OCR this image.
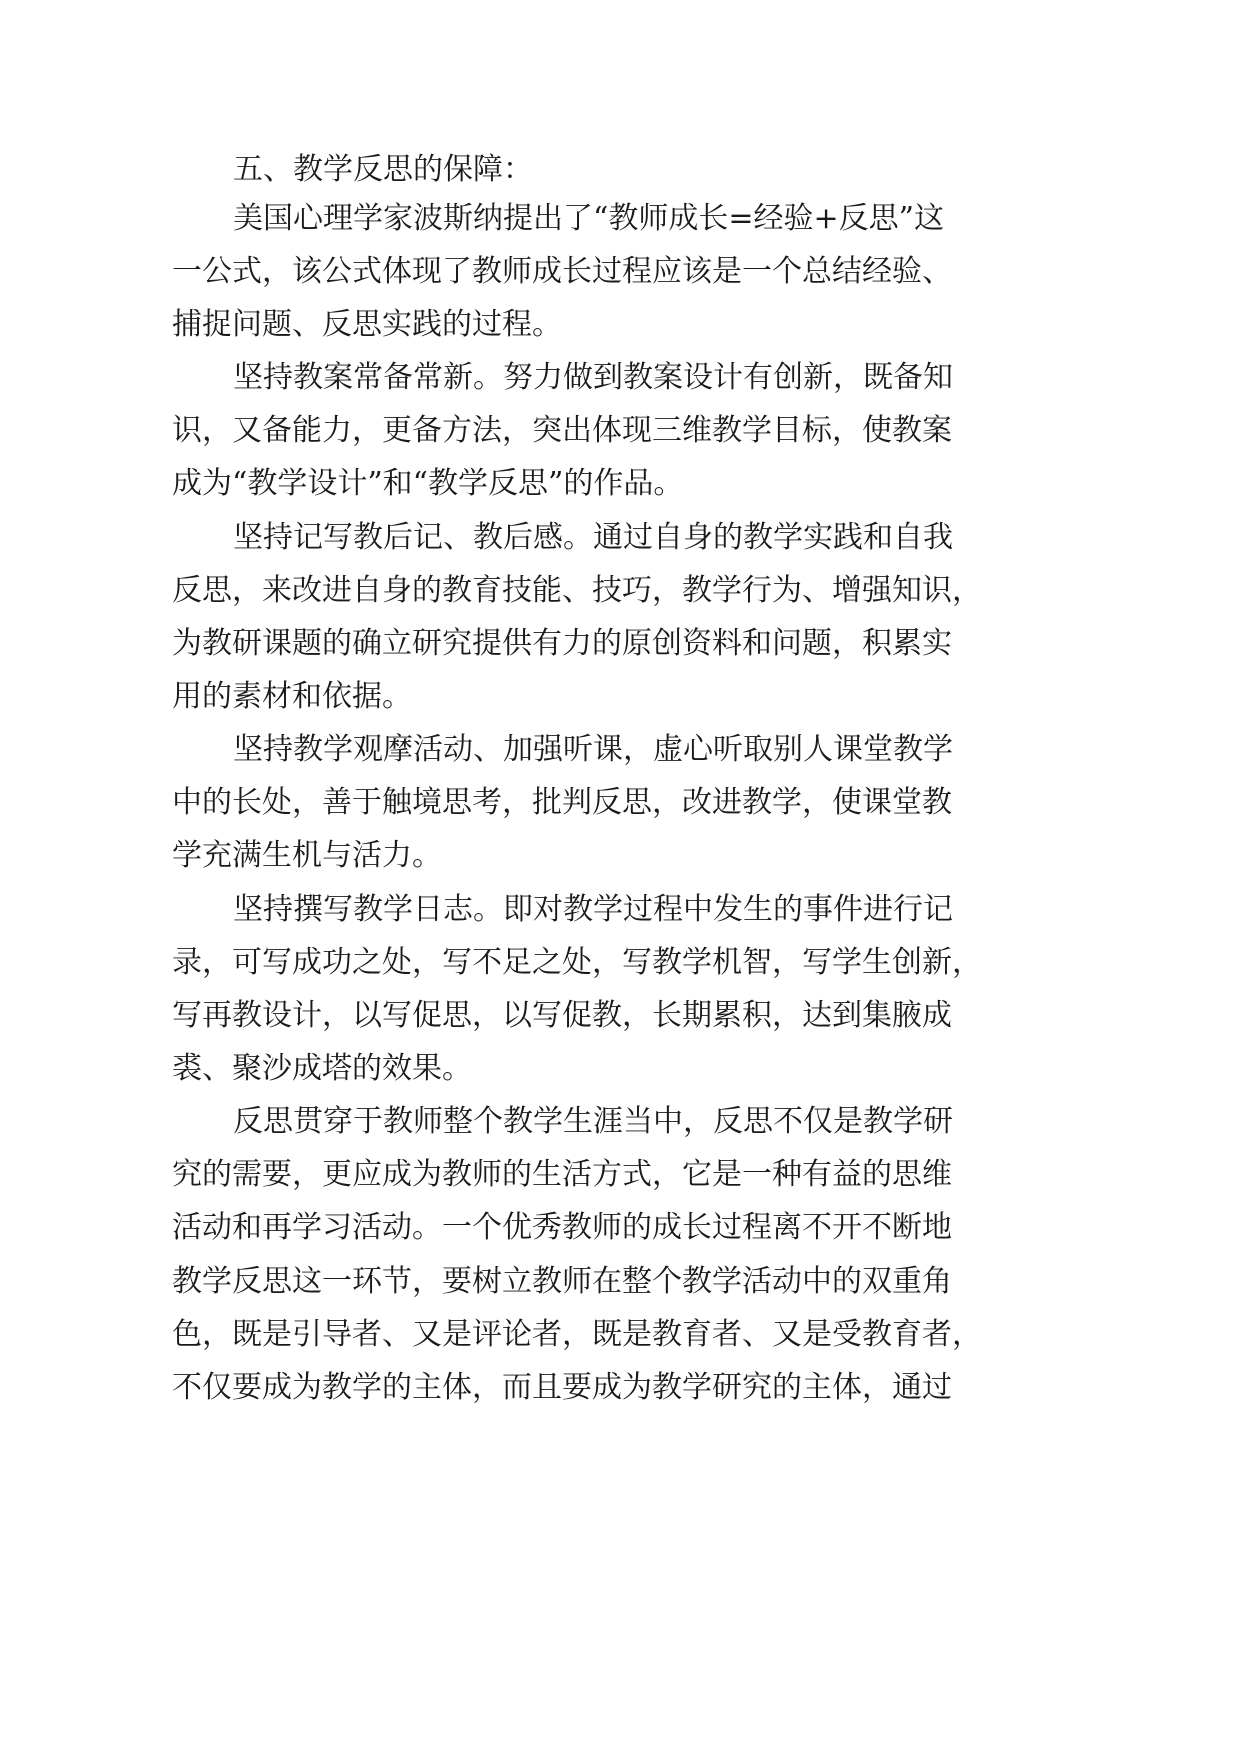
五、教学反思的保障：

美国心理学家波斯纳提出了“教师成长=经验+反思”这

一公式，该公式体现了教师成长过程应该是一个总结经验、

捕捉问题、反思实践的过程。

坚持教案常备常新。努力做到教案设计有创新，既备知

识，又备能力，更备方法，突出体现三维教学目标，使教案

成为“教学设计”和“教学反思”的作品。

坚持记写教后记、教后感。通过自身的教学实践和自我

反思，来改进自身的教育技能、技巧，教学行为、增强知识，

为教研课题的确立研究提供有力的原创资料和问题，积累实

用的素材和依据。

坚持教学观摩活动、加强听课，虚心听取别人课堂教学

中的长处，善于触境思考，批判反思，改进教学，使课堂教

学充满生机与活力。

坚持撰写教学日志。即对教学过程中发生的事件进行记

录，可写成功之处，写不足之处，写教学机智，写学生创新，

写再教设计，以写促思，以写促教，长期累积，达到集腋成

裘、聚沙成塔的效果。

反思贯穿于教师整个教学生涯当中，反思不仅是教学研

究的需要，更应成为教师的生活方式，它是一种有益的思维

活动和再学习活动。一个优秀教师的成长过程离不开不断地

教学反思这一环节，要树立教师在整个教学活动中的双重角

色，既是引导者、又是评论者，既是教育者、又是受教育者，

不仅要成为教学的主体，而且要成为教学研究的主体，通过
